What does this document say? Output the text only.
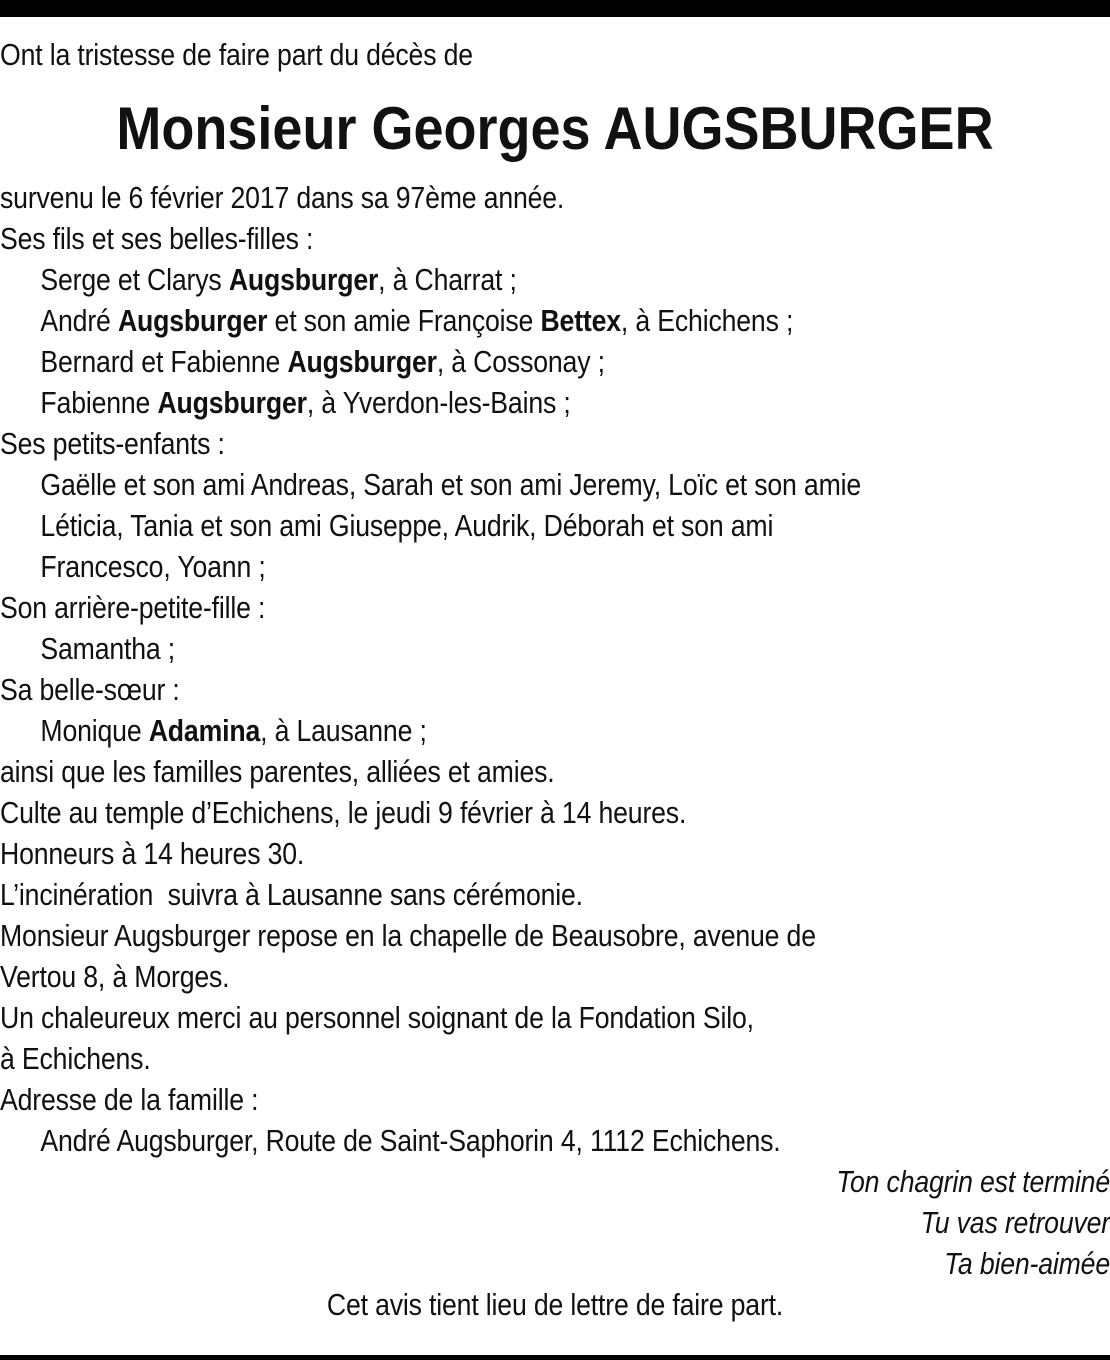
Ont la tristesse de faire part du décès de
Monsieur Georges AUGSBURGER
survenu le 6 février 2017 dans sa 97ème année.
Ses fils et ses belles-filles :
Serge et Clarys Augsburger, à Charrat ;
André Augsburger et son amie Françoise Bettex, à Echichens ;
Bernard et Fabienne Augsburger, à Cossonay ;
Fabienne Augsburger, à Yverdon-les-Bains ;
Ses petits-enfants :
Gaëlle et son ami Andreas, Sarah et son ami Jeremy, Loïc et son amie
Léticia, Tania et son ami Giuseppe, Audrik, Déborah et son ami
Francesco, Yoann ;
Son arrière-petite-fille :
Samantha ;
Sa belle-sœur :
Monique Adamina, à Lausanne ;
ainsi que les familles parentes, alliées et amies.
Culte au temple d’Echichens, le jeudi 9 février à 14 heures.
Honneurs à 14 heures 30.
L’incinération  suivra à Lausanne sans cérémonie.
Monsieur Augsburger repose en la chapelle de Beausobre, avenue de
Vertou 8, à Morges.
Un chaleureux merci au personnel soignant de la Fondation Silo,
à Echichens.
Adresse de la famille :
André Augsburger, Route de Saint-Saphorin 4, 1112 Echichens.
Ton chagrin est terminé
Tu vas retrouver
Ta bien-aimée
Cet avis tient lieu de lettre de faire part.
